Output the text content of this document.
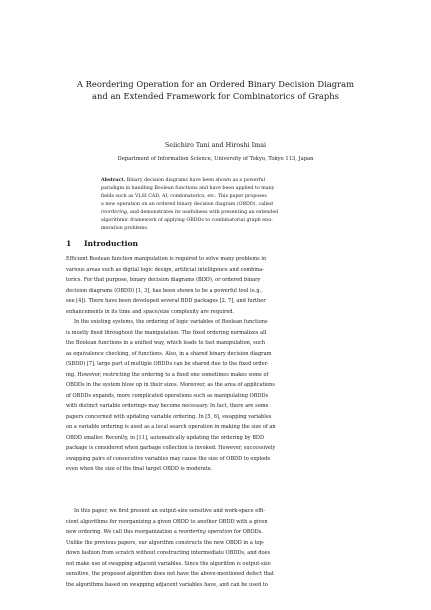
A Reordering Operation for an Ordered Binary Decision Diagram
and an Extended Framework for Combinatorics of Graphs
Seiichiro Tani and Hiroshi Imai
Department of Information Science, University of Tokyo, Tokyo 113, Japan
Abstract. Binary decision diagrams have been shown as a powerful
paradigm in handling Boolean functions and have been applied to many
fields such as VLSI CAD, AI, combinatorics, etc. This paper proposes
a new operation on an ordered binary decision diagram (OBDD), called
reordering, and demonstrates its usefulness with presenting an extended
algorithmic framework of applying OBDDs to combinatorial graph enu-
meration problems.
1 Introduction
Efficient Boolean function manipulation is required to solve many problems in
various areas such as digital logic design, artificial intelligence and combina-
torics. For that purpose, binary decision diagrams (BDD), or ordered binary
decision diagrams (OBDD) [1, 3], has been shown to be a powerful tool (e.g.,
see [4]). There have been developed several BDD packages [2, 7], and further
enhancements in its time and space/size complexity are required.
In the existing systems, the ordering of logic variables of Boolean functions
is mostly fixed throughout the manipulation. The fixed ordering normalizes all
the Boolean functions in a unified way, which leads to fast manipulation, such
as equivalence checking, of functions. Also, in a shared binary decision diagram
(SBDD) [7], large part of multiple OBDDs can be shared due to the fixed order-
ing. However, restricting the ordering to a fixed one sometimes makes some of
OBDDs in the system blow up in their sizes. Moreover, as the area of applications
of OBDDs expands, more complicated operations such as manipulating OBDDs
with distinct variable orderings may become necessary. In fact, there are some
papers concerned with updating variable ordering. In [5, 6], swapping variables
on a variable ordering is used as a local search operation in making the size of an
OBDD smaller. Recently, in [11], automatically updating the ordering by BDD
package is considered when garbage collection is invoked. However, successively
swapping pairs of consecutive variables may cause the size of OBDD to explode
even when the size of the final target OBDD is moderate.
In this paper, we first present an output-size sensitive and work-space effi-
cient algorithms for reorganizing a given OBDD to another OBDD with a given
new ordering. We call this reorganization a reordering operation for OBDDs.
Unlike the previous papers, our algorithm constructs the new OBDD in a top-
down fashion from scratch without constructing intermediate OBDDs, and does
not make use of swapping adjacent variables. Since the algorithm is output-size
sensitive, the proposed algorithm does not have the above-mentioned defect that
the algorithms based on swapping adjacent variables have, and can be used to
